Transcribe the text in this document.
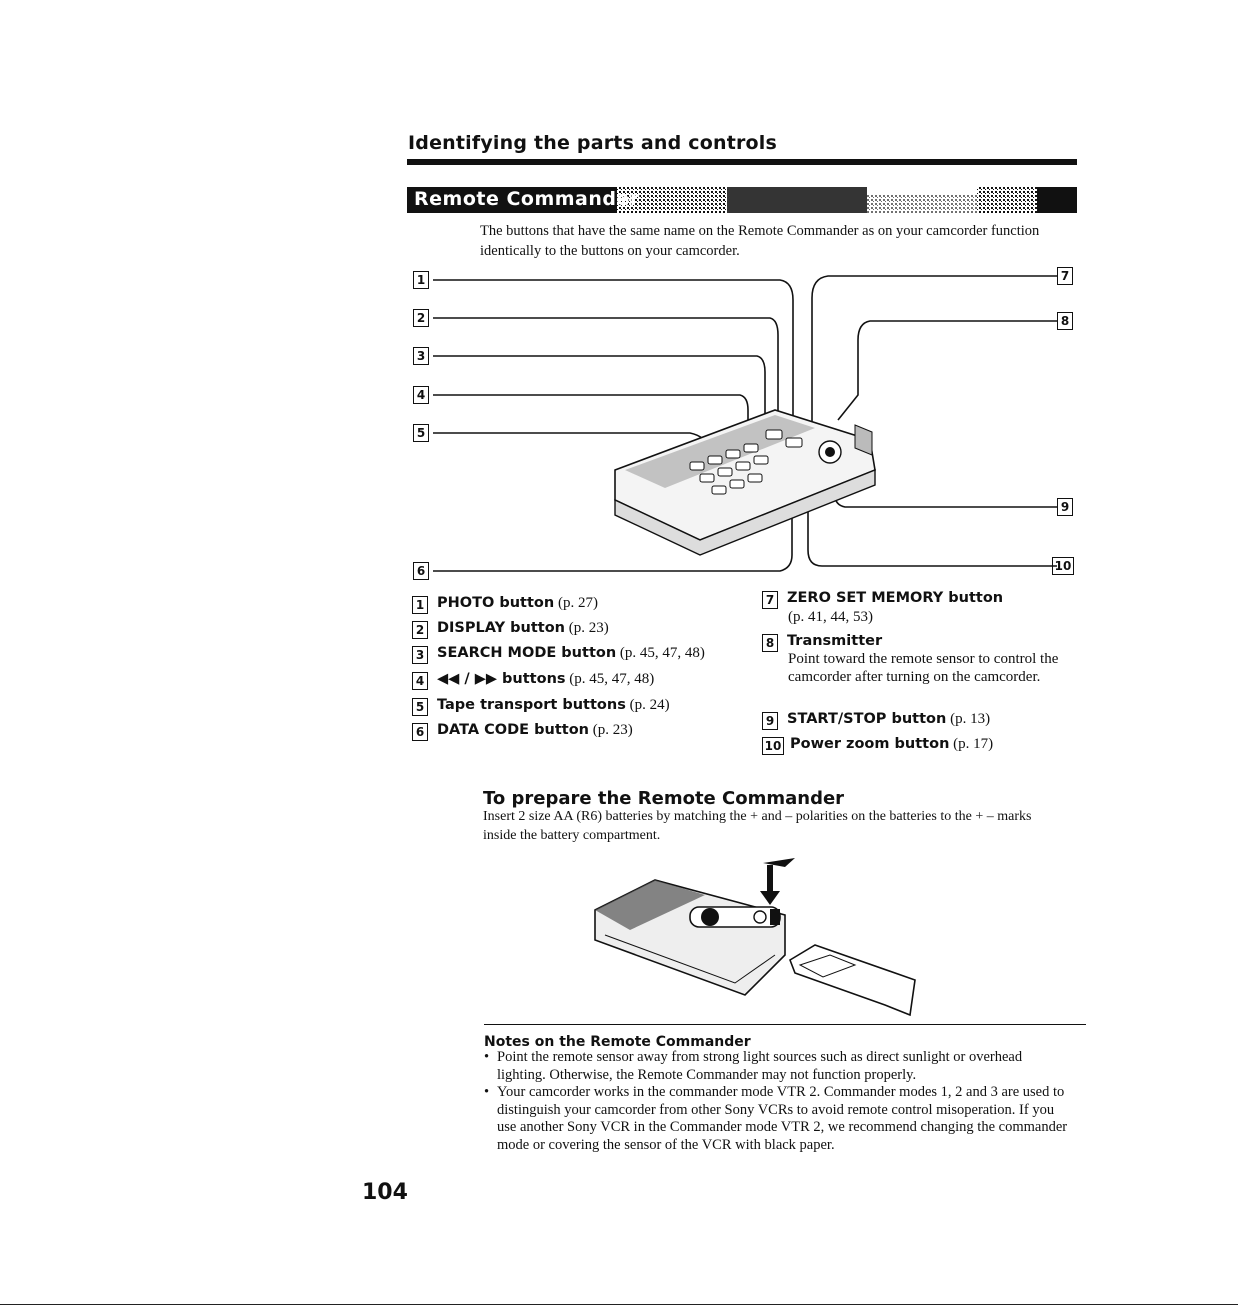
Identifying the parts and controls
Remote Commander
The buttons that have the same name on the Remote Commander as on your camcorder function identically to the buttons on your camcorder.
1
2
3
4
5
6
7
8
9
10
1 PHOTO button (p. 27)
2 DISPLAY button (p. 23)
3 SEARCH MODE button (p. 45, 47, 48)
4 ◀◀ / ▶▶ buttons (p. 45, 47, 48)
5 Tape transport buttons (p. 24)
6 DATA CODE button (p. 23)
7 ZERO SET MEMORY button
(p. 41, 44, 53)
8 Transmitter
Point toward the remote sensor to control the camcorder after turning on the camcorder.
9 START/STOP button (p. 13)
10 Power zoom button (p. 17)
To prepare the Remote Commander
Insert 2 size AA (R6) batteries by matching the + and – polarities on the batteries to the + – marks inside the battery compartment.
Notes on the Remote Commander
• Point the remote sensor away from strong light sources such as direct sunlight or overhead lighting. Otherwise, the Remote Commander may not function properly.
• Your camcorder works in the commander mode VTR 2. Commander modes 1, 2 and 3 are used to distinguish your camcorder from other Sony VCRs to avoid remote control misoperation. If you use another Sony VCR in the Commander mode VTR 2, we recommend changing the commander mode or covering the sensor of the VCR with black paper.
104
